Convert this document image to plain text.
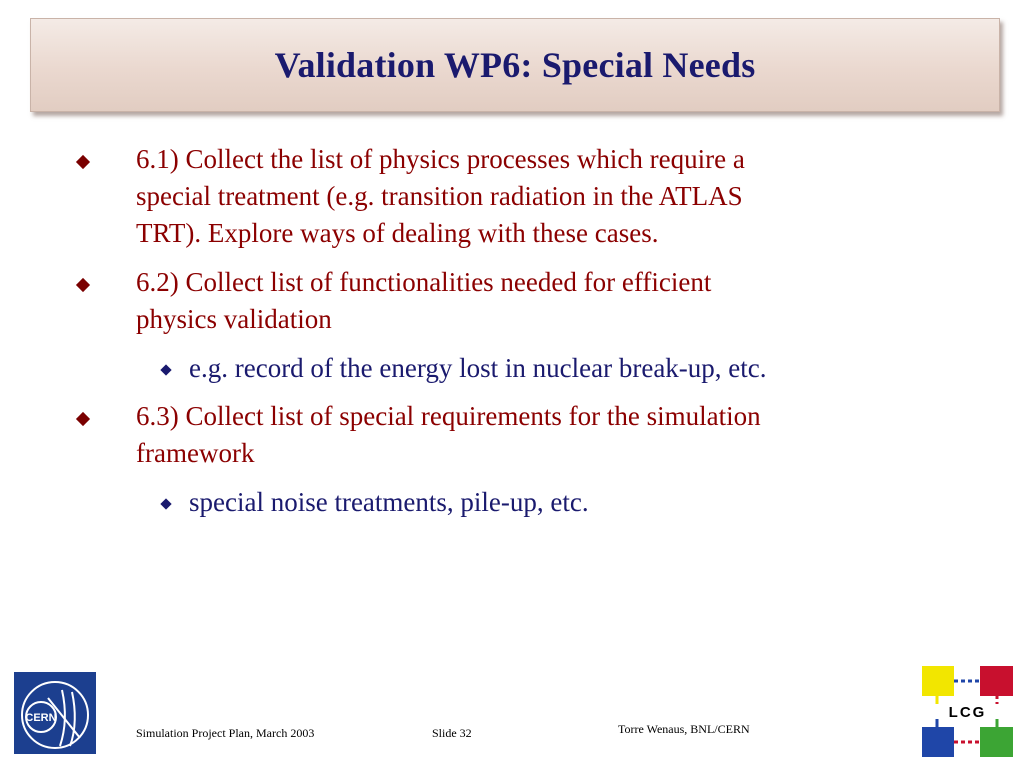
Validation WP6: Special Needs
6.1) Collect the list of physics processes which require a
special treatment (e.g. transition radiation in the ATLAS
TRT). Explore ways of dealing with these cases.
6.2) Collect list of functionalities needed for efficient
physics validation
e.g. record of the energy lost in nuclear break-up, etc.
6.3) Collect list of special requirements for the simulation
framework
special noise treatments, pile-up, etc.
CERN
Simulation Project Plan, March 2003	Slide 32	Torre Wenaus, BNL/CERN
LCG
